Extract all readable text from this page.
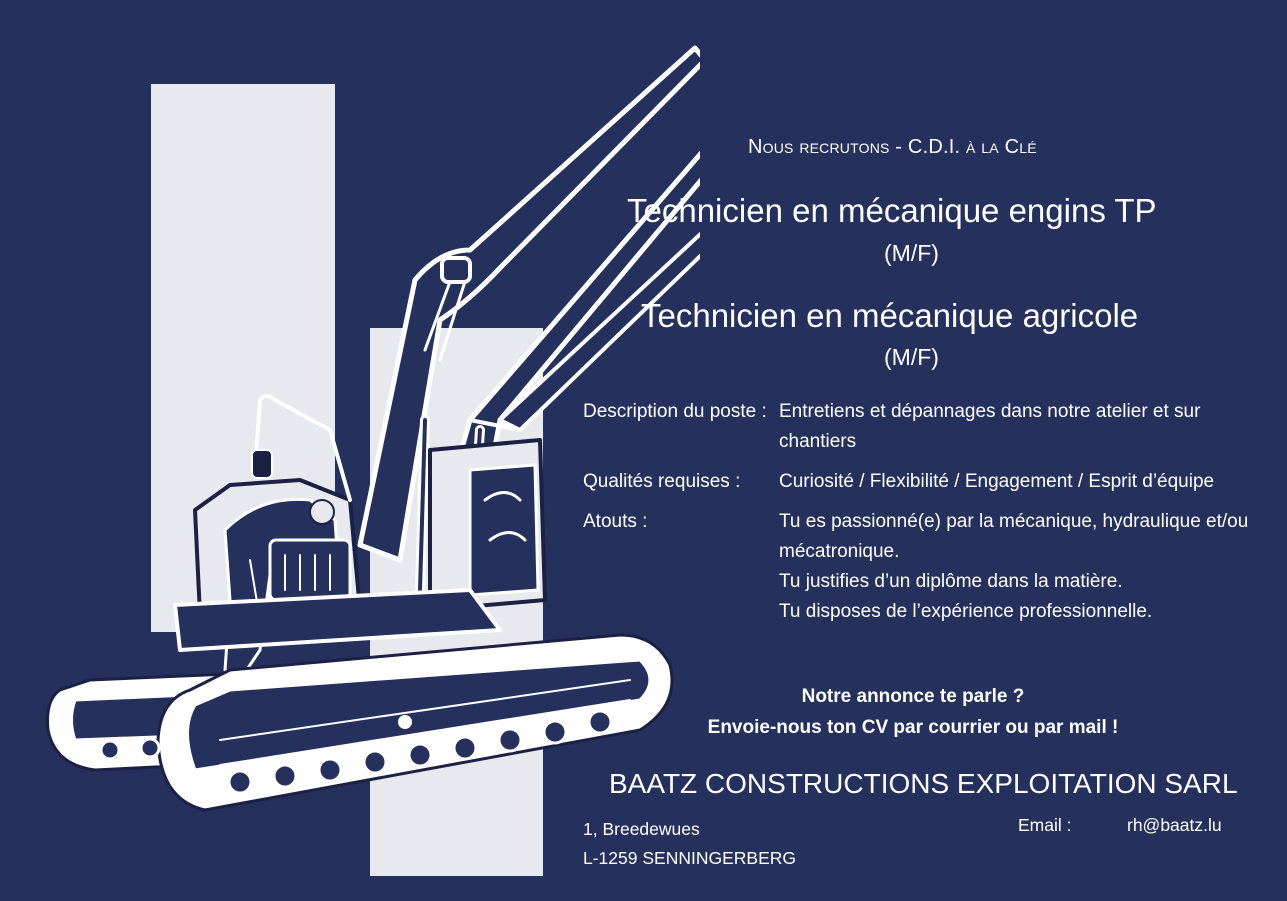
Nous recrutons - C.D.I. à la Clé
Technicien en mécanique engins TP
(M/F)
Technicien en mécanique agricole
(M/F)
Description du poste : Entretiens et dépannages dans notre atelier et sur chantiers
Qualités requises :	Curiosité / Flexibilité / Engagement / Esprit d’équipe
Atouts :	Tu es passionné(e) par la mécanique, hydraulique et/ou mécatronique.
Tu justifies d’un diplôme dans la matière.
Tu disposes de l’expérience professionnelle.
Notre annonce te parle ?
Envoie-nous ton CV par courrier ou par mail !
BAATZ CONSTRUCTIONS EXPLOITATION SARL
1, Breedewues
L-1259 SENNINGERBERG
Email :	rh@baatz.lu
